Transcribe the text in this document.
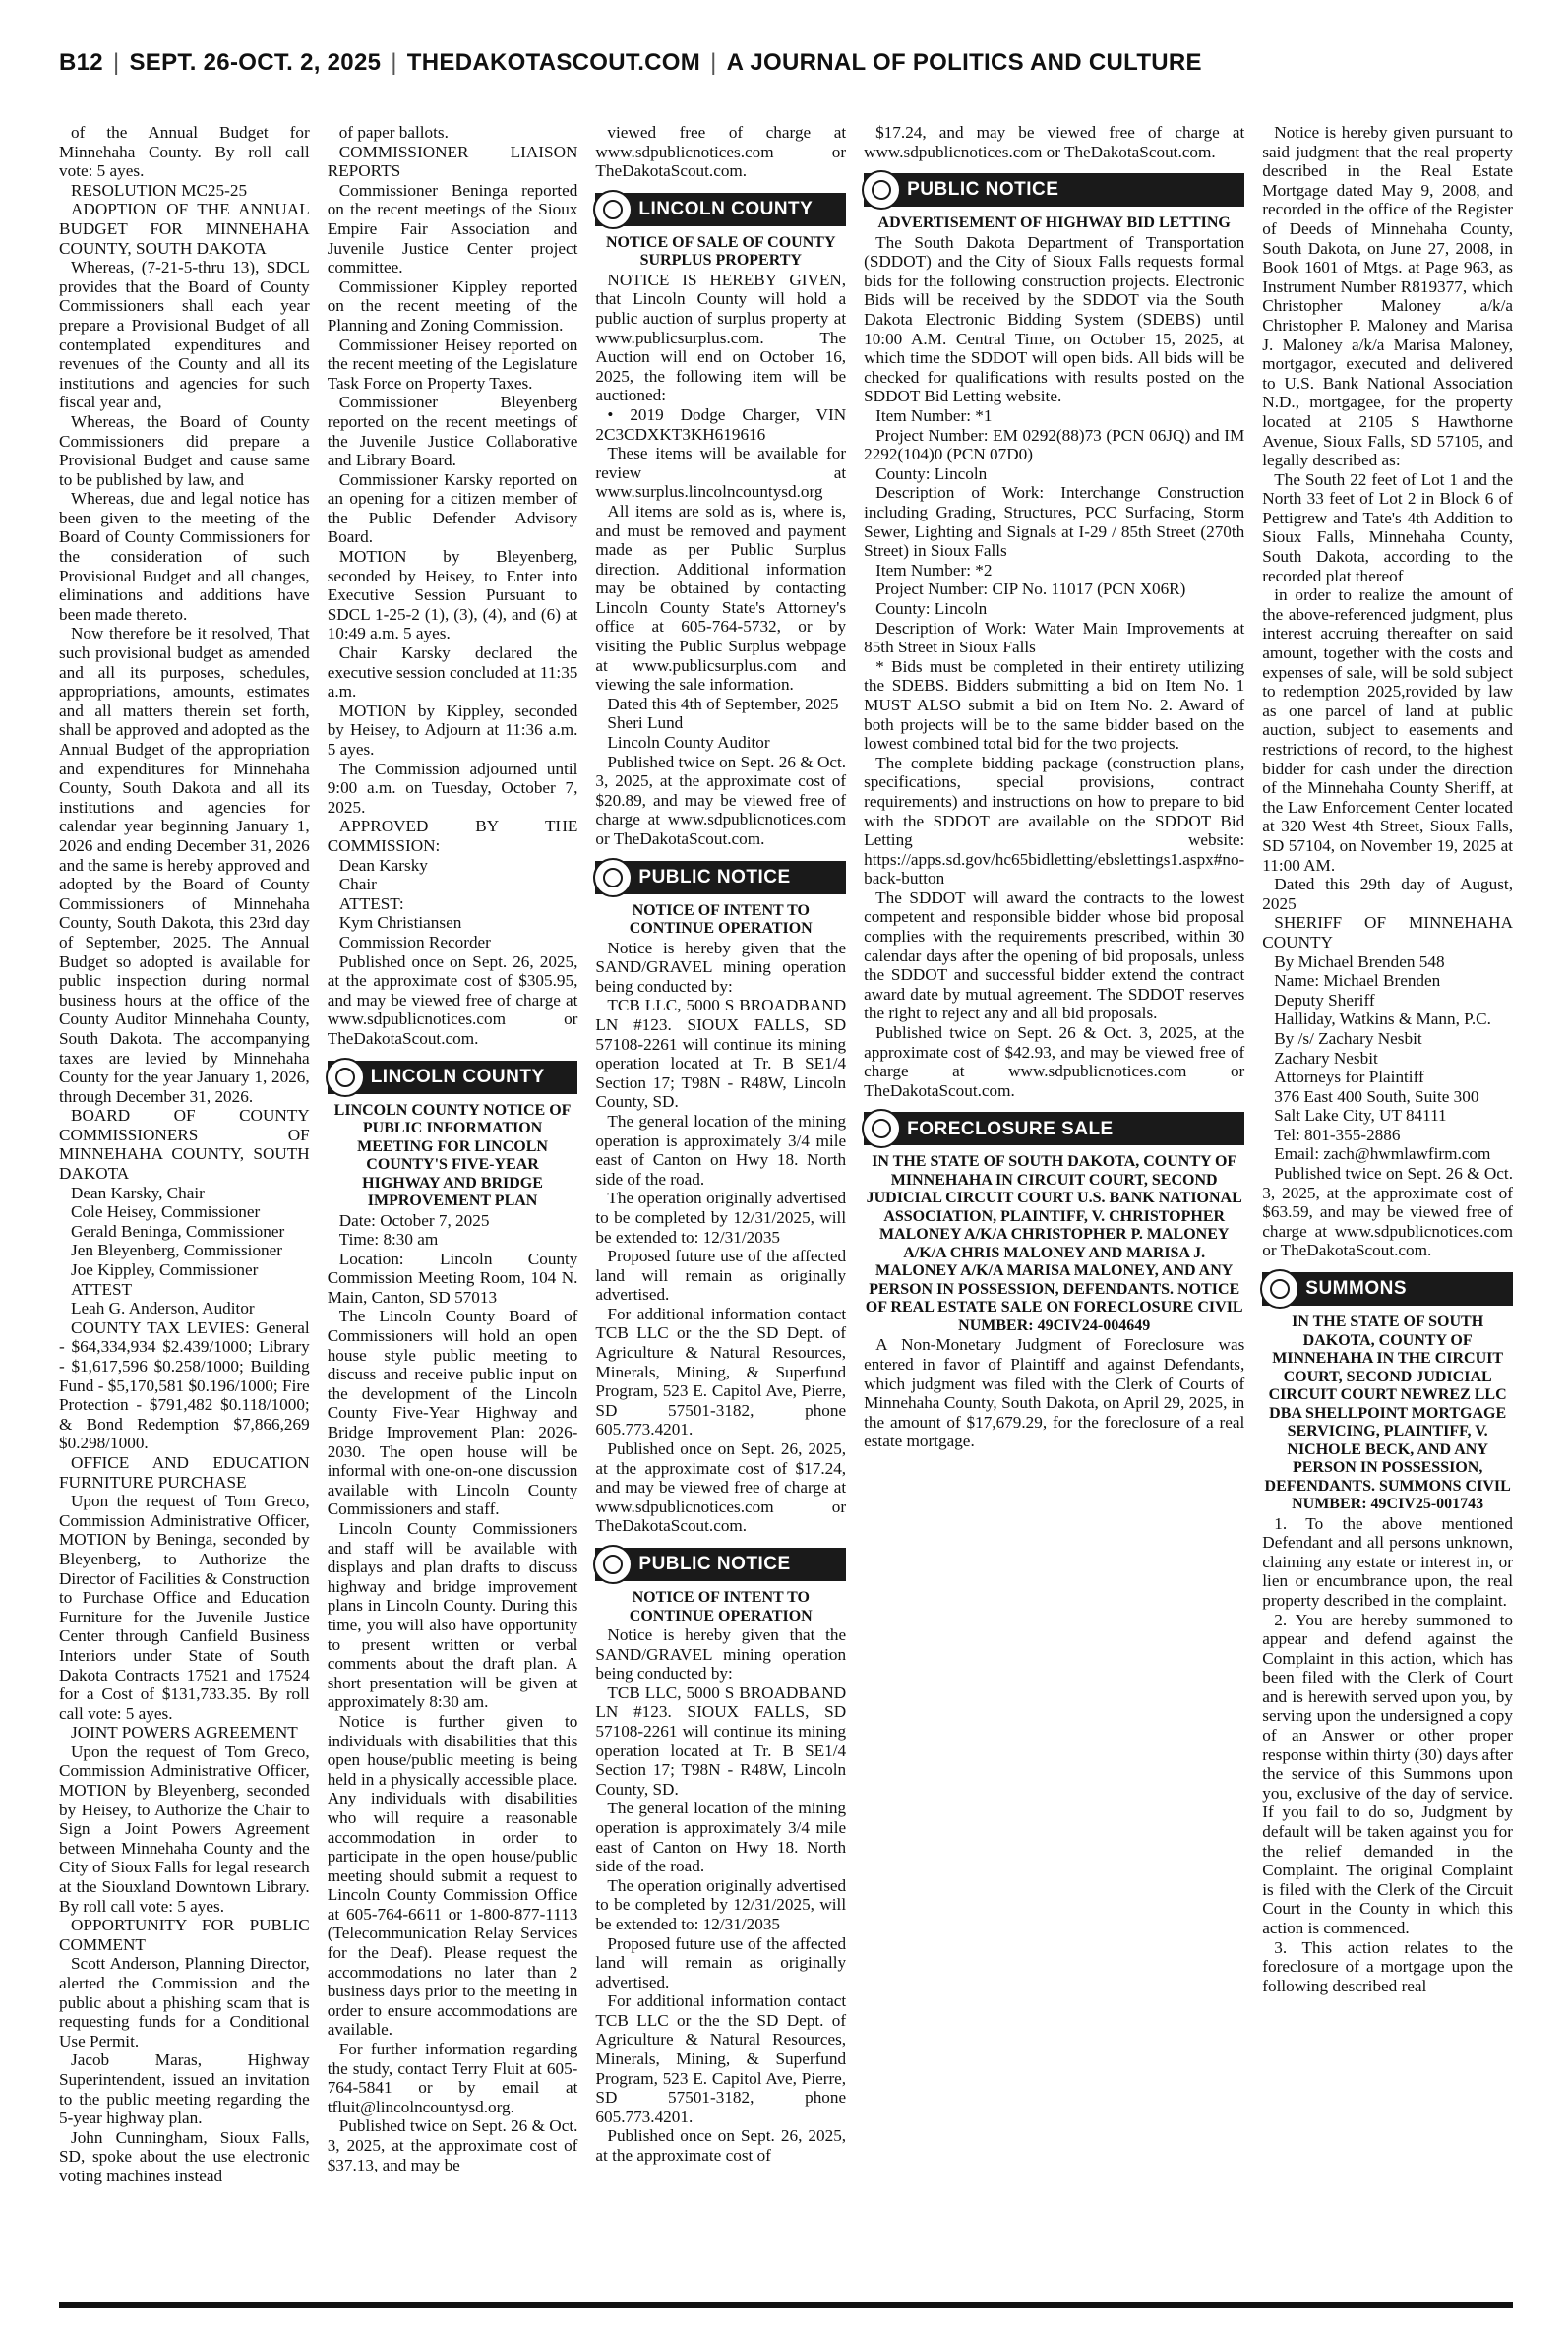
B12 | SEPT. 26-OCT. 2, 2025 | THEDAKOTASCOUT.COM | A JOURNAL OF POLITICS AND CULTURE

of the Annual Budget for Minnehaha County. By roll call vote: 5 ayes.

RESOLUTION MC25-25

ADOPTION OF THE ANNUAL BUDGET FOR MINNEHAHA COUNTY, SOUTH DAKOTA

Whereas, (7-21-5-thru 13), SDCL provides that the Board of County Commissioners shall each year prepare a Provisional Budget of all contemplated expenditures and revenues of the County and all its institutions and agencies for such fiscal year and,

Whereas, the Board of County Commissioners did prepare a Provisional Budget and cause same to be published by law, and

Whereas, due and legal notice has been given to the meeting of the Board of County Commissioners for the consideration of such Provisional Budget and all changes, eliminations and additions have been made thereto.

Now therefore be it resolved, That such provisional budget as amended and all its purposes, schedules, appropriations, amounts, estimates and all matters therein set forth, shall be approved and adopted as the Annual Budget of the appropriation and expenditures for Minnehaha County, South Dakota and all its institutions and agencies for calendar year beginning January 1, 2026 and ending December 31, 2026 and the same is hereby approved and adopted by the Board of County Commissioners of Minnehaha County, South Dakota, this 23rd day of September, 2025. The Annual Budget so adopted is available for public inspection during normal business hours at the office of the County Auditor Minnehaha County, South Dakota. The accompanying taxes are levied by Minnehaha County for the year January 1, 2026, through December 31, 2026.

BOARD OF COUNTY COMMISSIONERS OF MINNEHAHA COUNTY, SOUTH DAKOTA

Dean Karsky, Chair

Cole Heisey, Commissioner

Gerald Beninga, Commissioner

Jen Bleyenberg, Commissioner

Joe Kippley, Commissioner

ATTEST

Leah G. Anderson, Auditor

COUNTY TAX LEVIES: General - $64,334,934 $2.439/1000; Library - $1,617,596 $0.258/1000; Building Fund - $5,170,581 $0.196/1000; Fire Protection - $791,482 $0.118/1000; & Bond Redemption $7,866,269 $0.298/1000.

OFFICE AND EDUCATION FURNITURE PURCHASE

Upon the request of Tom Greco, Commission Administrative Officer, MOTION by Beninga, seconded by Bleyenberg, to Authorize the Director of Facilities & Construction to Purchase Office and Education Furniture for the Juvenile Justice Center through Canfield Business Interiors under State of South Dakota Contracts 17521 and 17524 for a Cost of $131,733.35. By roll call vote: 5 ayes.

JOINT POWERS AGREEMENT

Upon the request of Tom Greco, Commission Administrative Officer, MOTION by Bleyenberg, seconded by Heisey, to Authorize the Chair to Sign a Joint Powers Agreement between Minnehaha County and the City of Sioux Falls for legal research at the Siouxland Downtown Library. By roll call vote: 5 ayes.

OPPORTUNITY FOR PUBLIC COMMENT

Scott Anderson, Planning Director, alerted the Commission and the public about a phishing scam that is requesting funds for a Conditional Use Permit.

Jacob Maras, Highway Superintendent, issued an invitation to the public meeting regarding the 5-year highway plan.

John Cunningham, Sioux Falls, SD, spoke about the use electronic voting machines instead

of paper ballots.

COMMISSIONER LIAISON REPORTS

Commissioner Beninga reported on the recent meetings of the Sioux Empire Fair Association and Juvenile Justice Center project committee.

Commissioner Kippley reported on the recent meeting of the Planning and Zoning Commission.

Commissioner Heisey reported on the recent meeting of the Legislature Task Force on Property Taxes.

Commissioner Bleyenberg reported on the recent meetings of the Juvenile Justice Collaborative and Library Board.

Commissioner Karsky reported on an opening for a citizen member of the Public Defender Advisory Board.

MOTION by Bleyenberg, seconded by Heisey, to Enter into Executive Session Pursuant to SDCL 1-25-2 (1), (3), (4), and (6) at 10:49 a.m. 5 ayes.

Chair Karsky declared the executive session concluded at 11:35 a.m.

MOTION by Kippley, seconded by Heisey, to Adjourn at 11:36 a.m. 5 ayes.

The Commission adjourned until 9:00 a.m. on Tuesday, October 7, 2025.

APPROVED BY THE COMMISSION:

Dean Karsky

Chair

ATTEST:

Kym Christiansen

Commission Recorder

Published once on Sept. 26, 2025, at the approximate cost of $305.95, and may be viewed free of charge at www.sdpublicnotices.com or TheDakotaScout.com.

LINCOLN COUNTY

LINCOLN COUNTY NOTICE OF PUBLIC INFORMATION MEETING FOR LINCOLN COUNTY'S FIVE-YEAR HIGHWAY AND BRIDGE IMPROVEMENT PLAN

Date: October 7, 2025

Time: 8:30 am

Location: Lincoln County Commission Meeting Room, 104 N. Main, Canton, SD 57013

The Lincoln County Board of Commissioners will hold an open house style public meeting to discuss and receive public input on the development of the Lincoln County Five-Year Highway and Bridge Improvement Plan: 2026-2030. The open house will be informal with one-on-one discussion available with Lincoln County Commissioners and staff.

Lincoln County Commissioners and staff will be available with displays and plan drafts to discuss highway and bridge improvement plans in Lincoln County. During this time, you will also have opportunity to present written or verbal comments about the draft plan. A short presentation will be given at approximately 8:30 am.

Notice is further given to individuals with disabilities that this open house/public meeting is being held in a physically accessible place. Any individuals with disabilities who will require a reasonable accommodation in order to participate in the open house/public meeting should submit a request to Lincoln County Commission Office at 605-764-6611 or 1-800-877-1113 (Telecommunication Relay Services for the Deaf). Please request the accommodations no later than 2 business days prior to the meeting in order to ensure accommodations are available.

For further information regarding the study, contact Terry Fluit at 605-764-5841 or by email at tfluit@lincolncountysd.org.

Published twice on Sept. 26 & Oct. 3, 2025, at the approximate cost of $37.13, and may be

viewed free of charge at www.sdpublicnotices.com or TheDakotaScout.com.

LINCOLN COUNTY

NOTICE OF SALE OF COUNTY SURPLUS PROPERTY

NOTICE IS HEREBY GIVEN, that Lincoln County will hold a public auction of surplus property at www.publicsurplus.com. The Auction will end on October 16, 2025, the following item will be auctioned:

• 2019 Dodge Charger, VIN 2C3CDXKT3KH619616

These items will be available for review at www.surplus.lincolncountysd.org

All items are sold as is, where is, and must be removed and payment made as per Public Surplus direction. Additional information may be obtained by contacting Lincoln County State's Attorney's office at 605-764-5732, or by visiting the Public Surplus webpage at www.publicsurplus.com and viewing the sale information.

Dated this 4th of September, 2025

Sheri Lund

Lincoln County Auditor

Published twice on Sept. 26 & Oct. 3, 2025, at the approximate cost of $20.89, and may be viewed free of charge at www.sdpublicnotices.com or TheDakotaScout.com.

PUBLIC NOTICE

NOTICE OF INTENT TO CONTINUE OPERATION

Notice is hereby given that the SAND/GRAVEL mining operation being conducted by:

TCB LLC, 5000 S BROADBAND LN #123. SIOUX FALLS, SD 57108-2261 will continue its mining operation located at Tr. B SE1/4 Section 17; T98N - R48W, Lincoln County, SD.

The general location of the mining operation is approximately 3/4 mile east of Canton on Hwy 18. North side of the road.

The operation originally advertised to be completed by 12/31/2025, will be extended to: 12/31/2035

Proposed future use of the affected land will remain as originally advertised.

For additional information contact TCB LLC or the the SD Dept. of Agriculture & Natural Resources, Minerals, Mining, & Superfund Program, 523 E. Capitol Ave, Pierre, SD 57501-3182, phone 605.773.4201.

Published once on Sept. 26, 2025, at the approximate cost of $17.24, and may be viewed free of charge at www.sdpublicnotices.com or TheDakotaScout.com.

PUBLIC NOTICE

NOTICE OF INTENT TO CONTINUE OPERATION

Notice is hereby given that the SAND/GRAVEL mining operation being conducted by:

TCB LLC, 5000 S BROADBAND LN #123. SIOUX FALLS, SD 57108-2261 will continue its mining operation located at Tr. B SE1/4 Section 17; T98N - R48W, Lincoln County, SD.

The general location of the mining operation is approximately 3/4 mile east of Canton on Hwy 18. North side of the road.

The operation originally advertised to be completed by 12/31/2025, will be extended to: 12/31/2035

Proposed future use of the affected land will remain as originally advertised.

For additional information contact TCB LLC or the the SD Dept. of Agriculture & Natural Resources, Minerals, Mining, & Superfund Program, 523 E. Capitol Ave, Pierre, SD 57501-3182, phone 605.773.4201.

Published once on Sept. 26, 2025, at the approximate cost of

$17.24, and may be viewed free of charge at www.sdpublicnotices.com or TheDakotaScout.com.

PUBLIC NOTICE

ADVERTISEMENT OF HIGHWAY BID LETTING

The South Dakota Department of Transportation (SDDOT) and the City of Sioux Falls requests formal bids for the following construction projects. Electronic Bids will be received by the SDDOT via the South Dakota Electronic Bidding System (SDEBS) until 10:00 A.M. Central Time, on October 15, 2025, at which time the SDDOT will open bids. All bids will be checked for qualifications with results posted on the SDDOT Bid Letting website.

Item Number: *1

Project Number: EM 0292(88)73 (PCN 06JQ) and IM 2292(104)0 (PCN 07D0)

County: Lincoln

Description of Work: Interchange Construction including Grading, Structures, PCC Surfacing, Storm Sewer, Lighting and Signals at I-29 / 85th Street (270th Street) in Sioux Falls

Item Number: *2

Project Number: CIP No. 11017 (PCN X06R)

County: Lincoln

Description of Work: Water Main Improvements at 85th Street in Sioux Falls

* Bids must be completed in their entirety utilizing the SDEBS. Bidders submitting a bid on Item No. 1 MUST ALSO submit a bid on Item No. 2. Award of both projects will be to the same bidder based on the lowest combined total bid for the two projects.

The complete bidding package (construction plans, specifications, special provisions, contract requirements) and instructions on how to prepare to bid with the SDDOT are available on the SDDOT Bid Letting website: https://apps.sd.gov/hc65bidletting/ebslettings1.aspx#no-back-button

The SDDOT will award the contracts to the lowest competent and responsible bidder whose bid proposal complies with the requirements prescribed, within 30 calendar days after the opening of bid proposals, unless the SDDOT and successful bidder extend the contract award date by mutual agreement. The SDDOT reserves the right to reject any and all bid proposals.

Published twice on Sept. 26 & Oct. 3, 2025, at the approximate cost of $42.93, and may be viewed free of charge at www.sdpublicnotices.com or TheDakotaScout.com.

FORECLOSURE SALE

IN THE STATE OF SOUTH DAKOTA, COUNTY OF MINNEHAHA IN CIRCUIT COURT, SECOND JUDICIAL CIRCUIT COURT U.S. BANK NATIONAL ASSOCIATION, PLAINTIFF, V. CHRISTOPHER MALONEY A/K/A CHRISTOPHER P. MALONEY A/K/A CHRIS MALONEY AND MARISA J. MALONEY A/K/A MARISA MALONEY, AND ANY PERSON IN POSSESSION, DEFENDANTS. NOTICE OF REAL ESTATE SALE ON FORECLOSURE CIVIL NUMBER: 49CIV24-004649

A Non-Monetary Judgment of Foreclosure was entered in favor of Plaintiff and against Defendants, which judgment was filed with the Clerk of Courts of Minnehaha County, South Dakota, on April 29, 2025, in the amount of $17,679.29, for the foreclosure of a real estate mortgage.

Notice is hereby given pursuant to said judgment that the real property described in the Real Estate Mortgage dated May 9, 2008, and recorded in the office of the Register of Deeds of Minnehaha County, South Dakota, on June 27, 2008, in Book 1601 of Mtgs. at Page 963, as Instrument Number R819377, which Christopher Maloney a/k/a Christopher P. Maloney and Marisa J. Maloney a/k/a Marisa Maloney, mortgagor, executed and delivered to U.S. Bank National Association N.D., mortgagee, for the property located at 2105 S Hawthorne Avenue, Sioux Falls, SD 57105, and legally described as:

The South 22 feet of Lot 1 and the North 33 feet of Lot 2 in Block 6 of Pettigrew and Tate's 4th Addition to Sioux Falls, Minnehaha County, South Dakota, according to the recorded plat thereof

in order to realize the amount of the above-referenced judgment, plus interest accruing thereafter on said amount, together with the costs and expenses of sale, will be sold subject to redemption 2025,rovided by law as one parcel of land at public auction, subject to easements and restrictions of record, to the highest bidder for cash under the direction of the Minnehaha County Sheriff, at the Law Enforcement Center located at 320 West 4th Street, Sioux Falls, SD 57104, on November 19, 2025 at 11:00 AM.

Dated this 29th day of August, 2025

SHERIFF OF MINNEHAHA COUNTY

By Michael Brenden 548

Name: Michael Brenden

Deputy Sheriff

Halliday, Watkins & Mann, P.C.

By /s/ Zachary Nesbit

Zachary Nesbit

Attorneys for Plaintiff

376 East 400 South, Suite 300

Salt Lake City, UT 84111

Tel: 801-355-2886

Email: zach@hwmlawfirm.com

Published twice on Sept. 26 & Oct. 3, 2025, at the approximate cost of $63.59, and may be viewed free of charge at www.sdpublicnotices.com or TheDakotaScout.com.

SUMMONS

IN THE STATE OF SOUTH DAKOTA, COUNTY OF MINNEHAHA IN THE CIRCUIT COURT, SECOND JUDICIAL CIRCUIT COURT NEWREZ LLC DBA SHELLPOINT MORTGAGE SERVICING, PLAINTIFF, V. NICHOLE BECK, AND ANY PERSON IN POSSESSION, DEFENDANTS. SUMMONS CIVIL NUMBER: 49CIV25-001743

1. To the above mentioned Defendant and all persons unknown, claiming any estate or interest in, or lien or encumbrance upon, the real property described in the complaint.

2. You are hereby summoned to appear and defend against the Complaint in this action, which has been filed with the Clerk of Court and is herewith served upon you, by serving upon the undersigned a copy of an Answer or other proper response within thirty (30) days after the service of this Summons upon you, exclusive of the day of service. If you fail to do so, Judgment by default will be taken against you for the relief demanded in the Complaint. The original Complaint is filed with the Clerk of the Circuit Court in the County in which this action is commenced.

3. This action relates to the foreclosure of a mortgage upon the following described real
